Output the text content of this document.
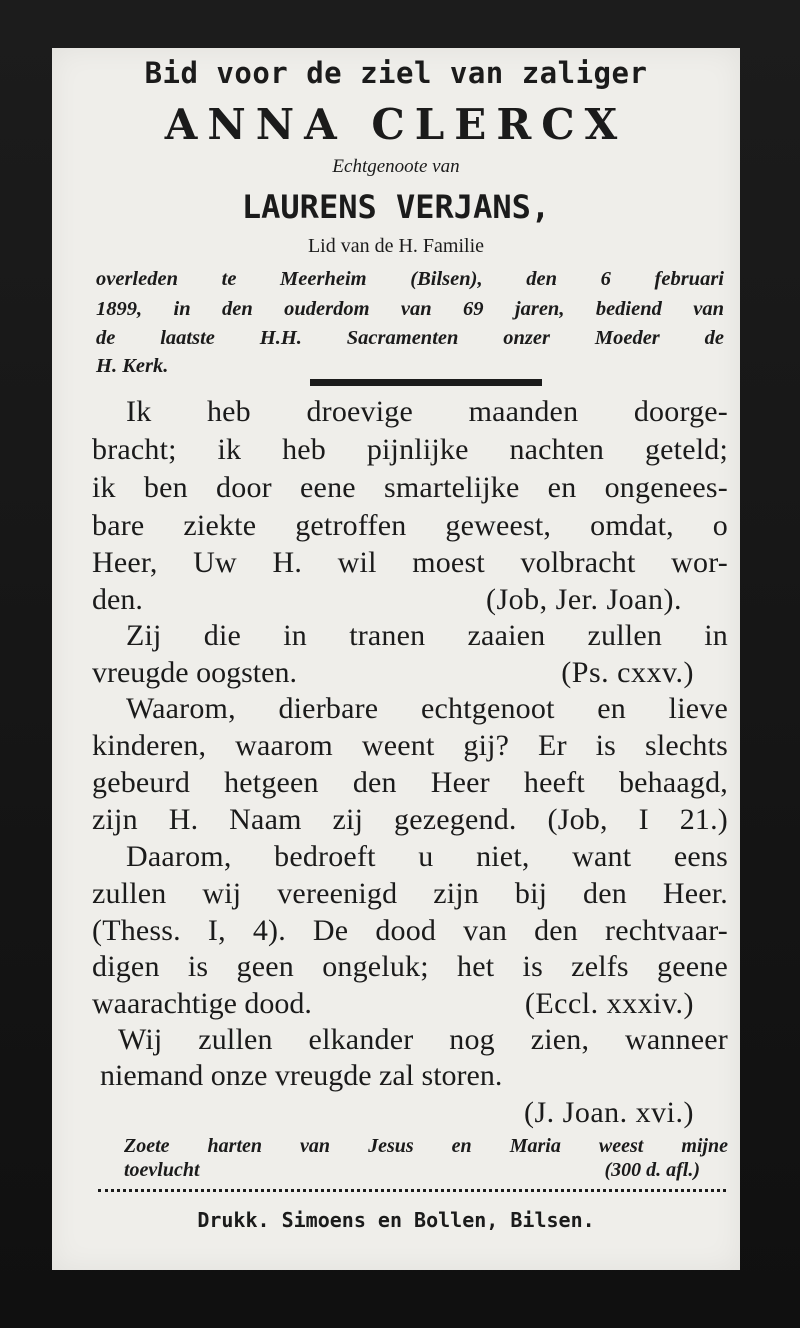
Bid voor de ziel van zaliger
ANNA CLERCX
Echtgenoote van
LAURENS VERJANS,
Lid van de H. Familie
overleden te Meerheim (Bilsen), den 6 februari
1899, in den ouderdom van 69 jaren, bediend van
de laatste H.H. Sacramenten onzer Moeder de
H. Kerk.
Ik heb droevige maanden doorge-
bracht; ik heb pijnlijke nachten geteld;
ik ben door eene smartelijke en ongenees-
bare ziekte getroffen geweest, omdat, o
Heer, Uw H. wil moest volbracht wor-
den.	(Job, Jer. Joan).
Zij die in tranen zaaien zullen in
vreugde oogsten.	(Ps. cxxv.)
Waarom, dierbare echtgenoot en lieve
kinderen, waarom weent gij? Er is slechts
gebeurd hetgeen den Heer heeft behaagd,
zijn H. Naam zij gezegend. (Job, I 21.)
Daarom, bedroeft u niet, want eens
zullen wij vereenigd zijn bij den Heer.
(Thess. I, 4). De dood van den rechtvaar-
digen is geen ongeluk; het is zelfs geene
waarachtige dood.	(Eccl. xxxiv.)
Wij zullen elkander nog zien, wanneer
niemand onze vreugde zal storen.
(J. Joan. xvi.)
Zoete harten van Jesus en Maria weest mijne
toevlucht	(300 d. afl.)
Drukk. Simoens en Bollen, Bilsen.
